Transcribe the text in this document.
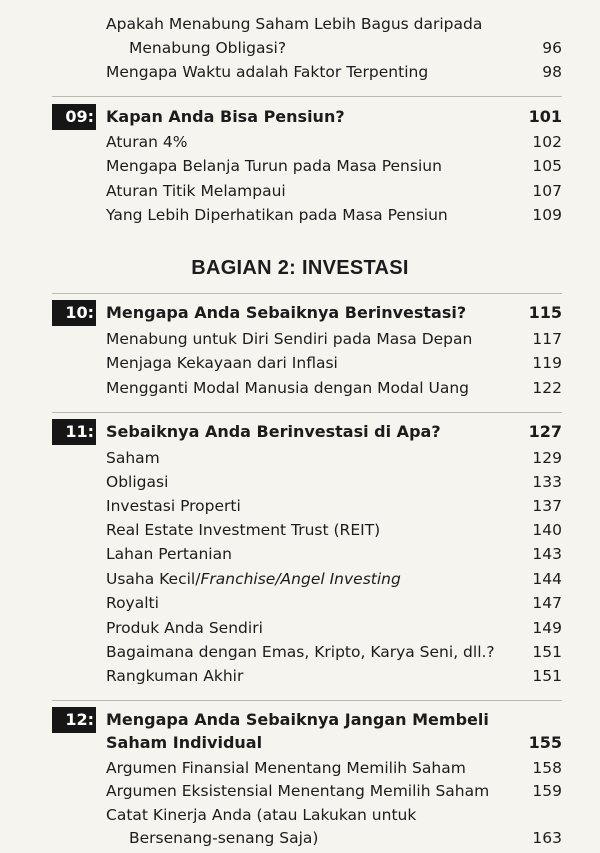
Apakah Menabung Saham Lebih Bagus daripada
Menabung Obligasi?	96
Mengapa Waktu adalah Faktor Terpenting	98
09: Kapan Anda Bisa Pensiun?	101
Aturan 4%	102
Mengapa Belanja Turun pada Masa Pensiun	105
Aturan Titik Melampaui	107
Yang Lebih Diperhatikan pada Masa Pensiun	109
BAGIAN 2: INVESTASI
10: Mengapa Anda Sebaiknya Berinvestasi?	115
Menabung untuk Diri Sendiri pada Masa Depan	117
Menjaga Kekayaan dari Inflasi	119
Mengganti Modal Manusia dengan Modal Uang	122
11: Sebaiknya Anda Berinvestasi di Apa?	127
Saham	129
Obligasi	133
Investasi Properti	137
Real Estate Investment Trust (REIT)	140
Lahan Pertanian	143
Usaha Kecil/Franchise/Angel Investing	144
Royalti	147
Produk Anda Sendiri	149
Bagaimana dengan Emas, Kripto, Karya Seni, dll.? 151
Rangkuman Akhir	151
12: Mengapa Anda Sebaiknya Jangan Membeli
Saham Individual	155
Argumen Finansial Menentang Memilih Saham	158
Argumen Eksistensial Menentang Memilih Saham	159
Catat Kinerja Anda (atau Lakukan untuk
Bersenang-senang Saja)	163
